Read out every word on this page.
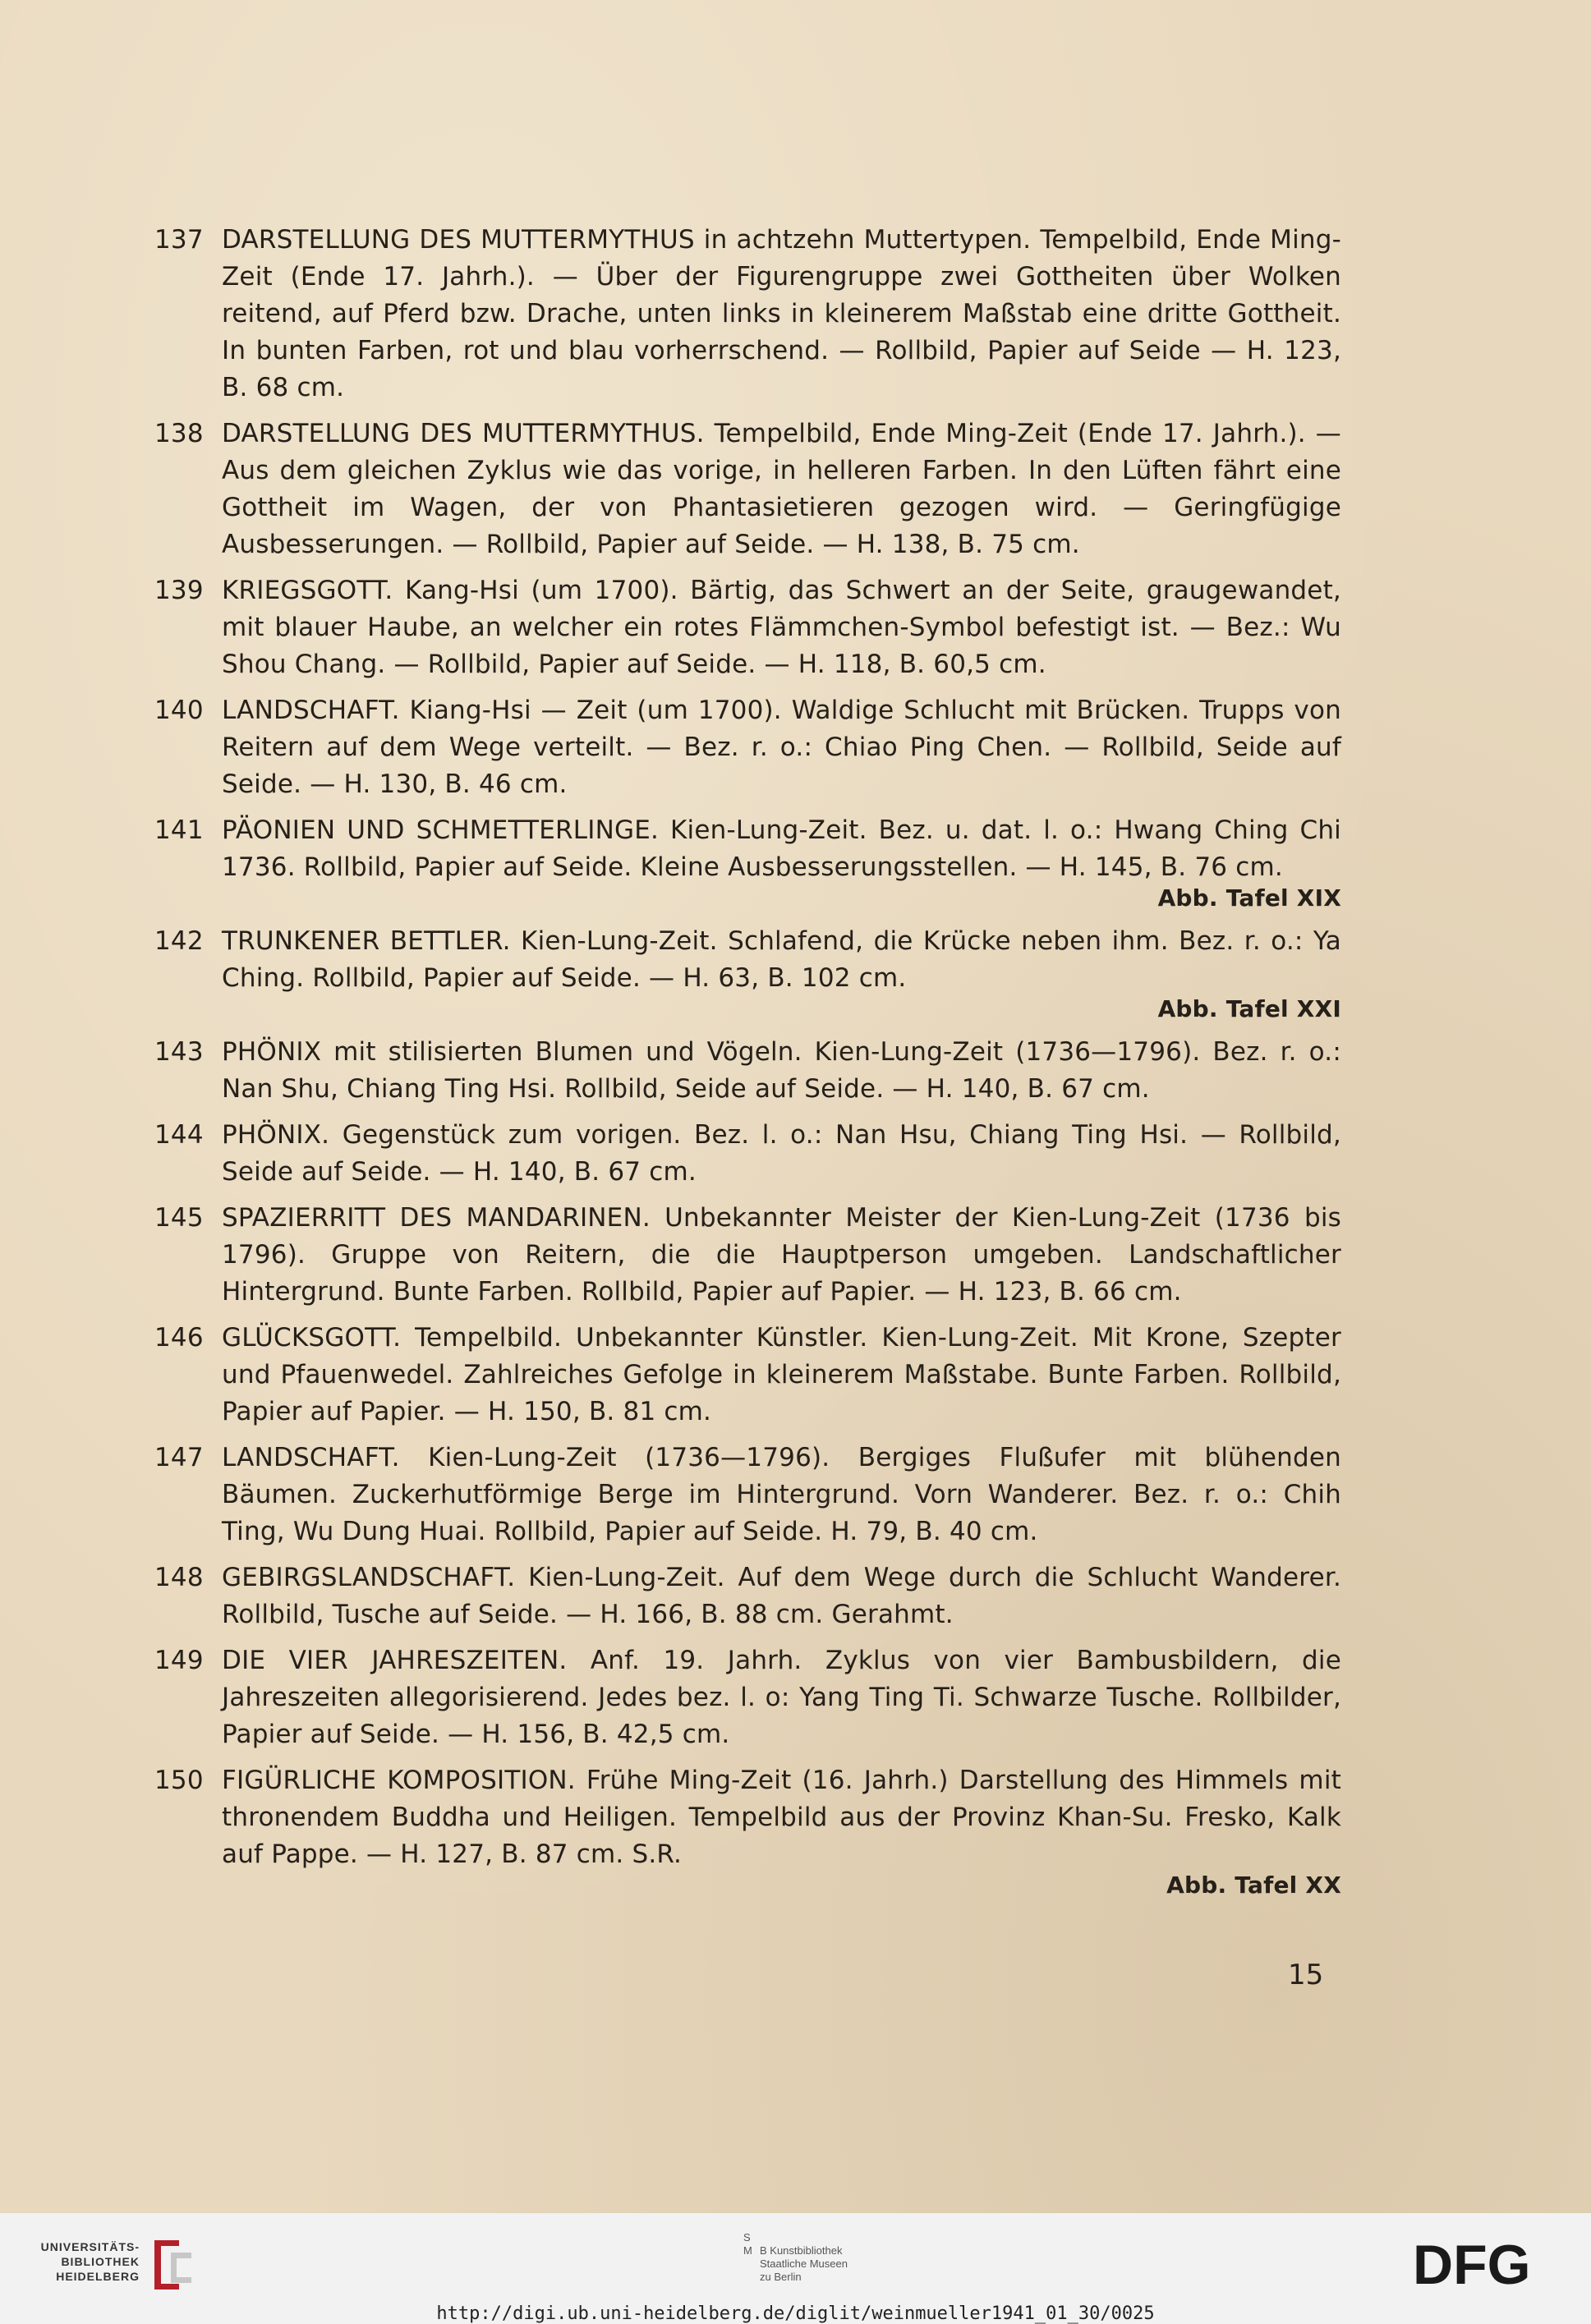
137 DARSTELLUNG DES MUTTERMYTHUS in achtzehn Muttertypen. Tempelbild, Ende Ming-Zeit (Ende 17. Jahrh.). — Über der Figurengruppe zwei Gottheiten über Wolken reitend, auf Pferd bzw. Drache, unten links in kleinerem Maßstab eine dritte Gottheit. In bunten Farben, rot und blau vorherrschend. — Rollbild, Papier auf Seide — H. 123, B. 68 cm.
138 DARSTELLUNG DES MUTTERMYTHUS. Tempelbild, Ende Ming-Zeit (Ende 17. Jahrh.). — Aus dem gleichen Zyklus wie das vorige, in helleren Farben. In den Lüften fährt eine Gottheit im Wagen, der von Phantasietieren gezogen wird. — Geringfügige Ausbesserungen. — Rollbild, Papier auf Seide. — H. 138, B. 75 cm.
139 KRIEGSGOTT. Kang-Hsi (um 1700). Bärtig, das Schwert an der Seite, graugewandet, mit blauer Haube, an welcher ein rotes Flämmchen-Symbol befestigt ist. — Bez.: Wu Shou Chang. — Rollbild, Papier auf Seide. — H. 118, B. 60,5 cm.
140 LANDSCHAFT. Kiang-Hsi — Zeit (um 1700). Waldige Schlucht mit Brücken. Trupps von Reitern auf dem Wege verteilt. — Bez. r. o.: Chiao Ping Chen. — Rollbild, Seide auf Seide. — H. 130, B. 46 cm.
141 PÄONIEN UND SCHMETTERLINGE. Kien-Lung-Zeit. Bez. u. dat. l. o.: Hwang Ching Chi 1736. Rollbild, Papier auf Seide. Kleine Ausbesserungsstellen. — H. 145, B. 76 cm.
Abb. Tafel XIX
142 TRUNKENER BETTLER. Kien-Lung-Zeit. Schlafend, die Krücke neben ihm. Bez. r. o.: Ya Ching. Rollbild, Papier auf Seide. — H. 63, B. 102 cm.
Abb. Tafel XXI
143 PHÖNIX mit stilisierten Blumen und Vögeln. Kien-Lung-Zeit (1736—1796). Bez. r. o.: Nan Shu, Chiang Ting Hsi. Rollbild, Seide auf Seide. — H. 140, B. 67 cm.
144 PHÖNIX. Gegenstück zum vorigen. Bez. l. o.: Nan Hsu, Chiang Ting Hsi. — Rollbild, Seide auf Seide. — H. 140, B. 67 cm.
145 SPAZIERRITT DES MANDARINEN. Unbekannter Meister der Kien-Lung-Zeit (1736 bis 1796). Gruppe von Reitern, die die Hauptperson umgeben. Landschaftlicher Hintergrund. Bunte Farben. Rollbild, Papier auf Papier. — H. 123, B. 66 cm.
146 GLÜCKSGOTT. Tempelbild. Unbekannter Künstler. Kien-Lung-Zeit. Mit Krone, Szepter und Pfauenwedel. Zahlreiches Gefolge in kleinerem Maßstabe. Bunte Farben. Rollbild, Papier auf Papier. — H. 150, B. 81 cm.
147 LANDSCHAFT. Kien-Lung-Zeit (1736—1796). Bergiges Flußufer mit blühenden Bäumen. Zuckerhutförmige Berge im Hintergrund. Vorn Wanderer. Bez. r. o.: Chih Ting, Wu Dung Huai. Rollbild, Papier auf Seide. H. 79, B. 40 cm.
148 GEBIRGSLANDSCHAFT. Kien-Lung-Zeit. Auf dem Wege durch die Schlucht Wanderer. Rollbild, Tusche auf Seide. — H. 166, B. 88 cm. Gerahmt.
149 DIE VIER JAHRESZEITEN. Anf. 19. Jahrh. Zyklus von vier Bambusbildern, die Jahreszeiten allegorisierend. Jedes bez. l. o: Yang Ting Ti. Schwarze Tusche. Rollbilder, Papier auf Seide. — H. 156, B. 42,5 cm.
150 FIGÜRLICHE KOMPOSITION. Frühe Ming-Zeit (16. Jahrh.) Darstellung des Himmels mit thronendem Buddha und Heiligen. Tempelbild aus der Provinz Khan-Su. Fresko, Kalk auf Pappe. — H. 127, B. 87 cm. S.R.
Abb. Tafel XX
15
UNIVERSITÄTS-
BIBLIOTHEK
HEIDELBERG
S M B Kunstbibliothek
Staatliche Museen
zu Berlin	DFG
http://digi.ub.uni-heidelberg.de/diglit/weinmueller1941_01_30/0025
